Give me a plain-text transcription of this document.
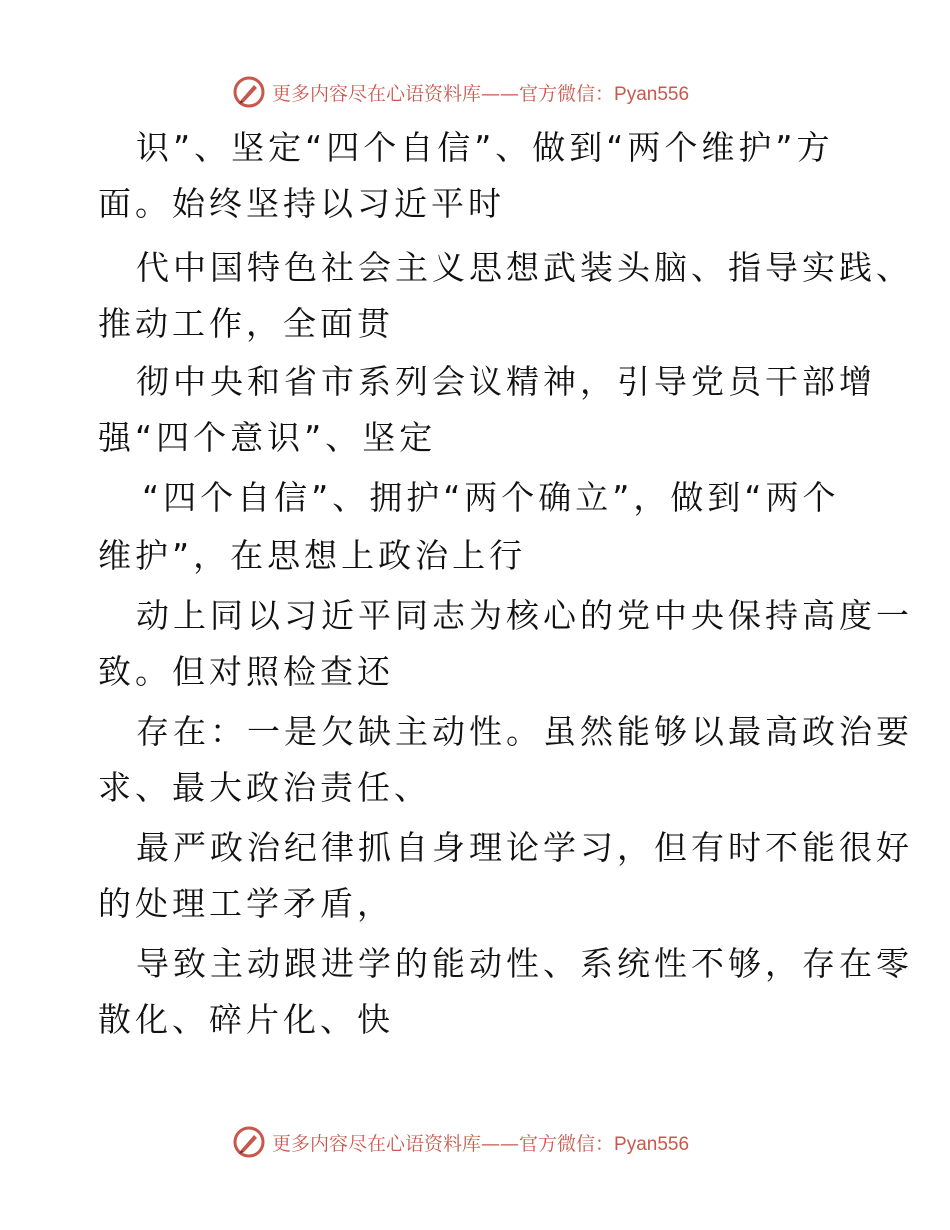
更多内容尽在心语资料库——官方微信：Pyan556
识”、坚定“四个自信”、做到“两个维护”方
面。始终坚持以习近平时
代中国特色社会主义思想武装头脑、指导实践、
推动工作，全面贯
彻中央和省市系列会议精神，引导党员干部增
强“四个意识”、坚定
“四个自信”、拥护“两个确立”，做到“两个
维护”，在思想上政治上行
动上同以习近平同志为核心的党中央保持高度一
致。但对照检查还
存在：一是欠缺主动性。虽然能够以最高政治要
求、最大政治责任、
最严政治纪律抓自身理论学习，但有时不能很好
的处理工学矛盾，
导致主动跟进学的能动性、系统性不够，存在零
散化、碎片化、快
更多内容尽在心语资料库——官方微信：Pyan556
